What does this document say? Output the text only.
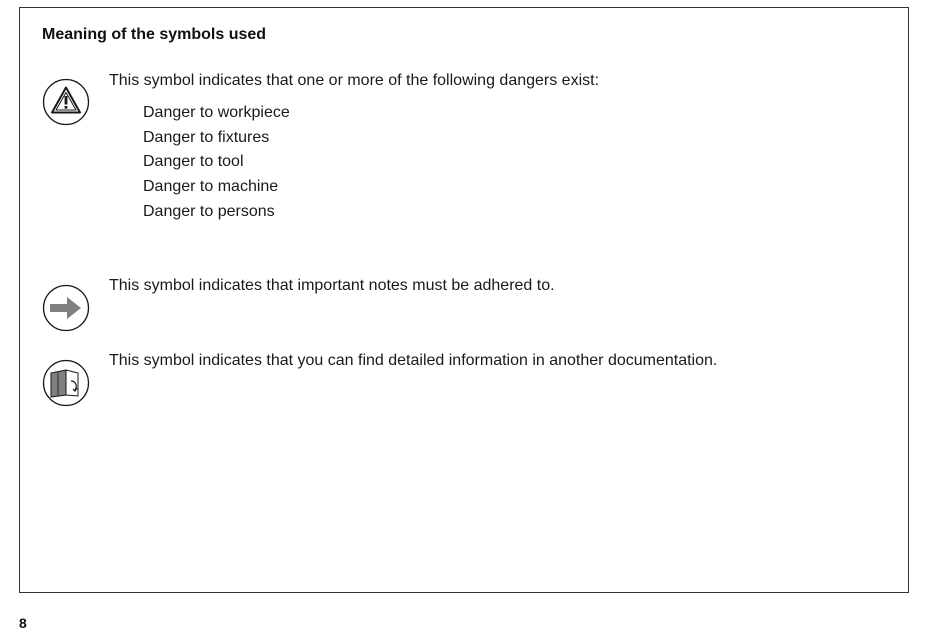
Meaning of the symbols used
This symbol indicates that one or more of the following dangers exist:
Danger to workpiece
Danger to fixtures
Danger to tool
Danger to machine
Danger to persons
This symbol indicates that important notes must be adhered to.
This symbol indicates that you can find detailed information in another documentation.
8
